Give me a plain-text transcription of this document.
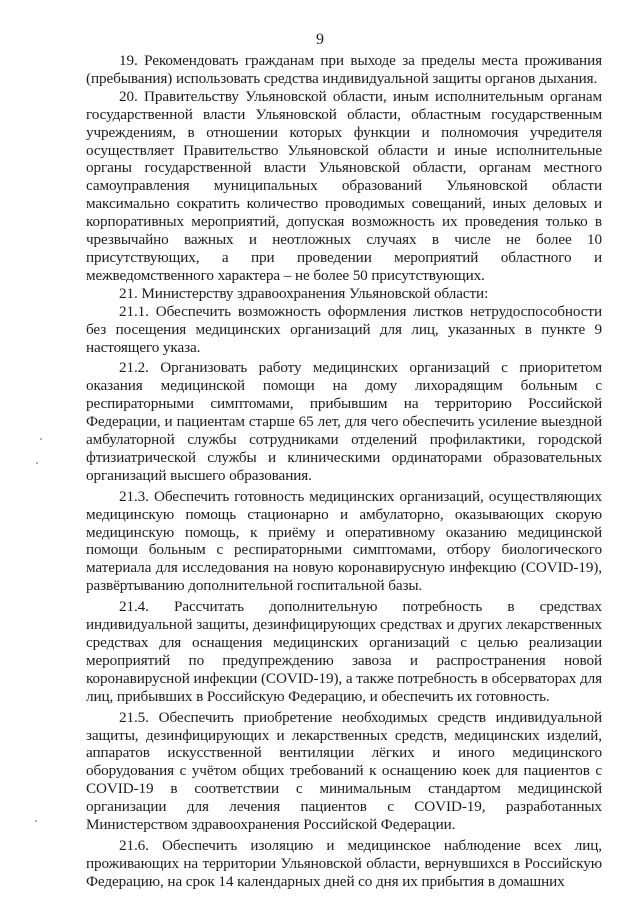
9

19. Рекомендовать гражданам при выходе за пределы места проживания (пребывания) использовать средства индивидуальной защиты органов дыхания.

20. Правительству Ульяновской области, иным исполнительным органам государственной власти Ульяновской области, областным государственным учреждениям, в отношении которых функции и полномочия учредителя осуществляет Правительство Ульяновской области и иные исполнительные органы государственной власти Ульяновской области, органам местного самоуправления муниципальных образований Ульяновской области максимально сократить количество проводимых совещаний, иных деловых и корпоративных мероприятий, допуская возможность их проведения только в чрезвычайно важных и неотложных случаях в числе не более 10 присутствующих, а при проведении мероприятий областного и межведомственного характера – не более 50 присутствующих.

21. Министерству здравоохранения Ульяновской области:

21.1. Обеспечить возможность оформления листков нетрудоспособности без посещения медицинских организаций для лиц, указанных в пункте 9 настоящего указа.

21.2. Организовать работу медицинских организаций с приоритетом оказания медицинской помощи на дому лихорадящим больным с респираторными симптомами, прибывшим на территорию Российской Федерации, и пациентам старше 65 лет, для чего обеспечить усиление выездной амбулаторной службы сотрудниками отделений профилактики, городской фтизиатрической службы и клиническими ординаторами образовательных организаций высшего образования.

21.3. Обеспечить готовность медицинских организаций, осуществляющих медицинскую помощь стационарно и амбулаторно, оказывающих скорую медицинскую помощь, к приёму и оперативному оказанию медицинской помощи больным с респираторными симптомами, отбору биологического материала для исследования на новую коронавирусную инфекцию (COVID-19), развёртыванию дополнительной госпитальной базы.

21.4. Рассчитать дополнительную потребность в средствах индивидуальной защиты, дезинфицирующих средствах и других лекарственных средствах для оснащения медицинских организаций с целью реализации мероприятий по предупреждению завоза и распространения новой коронавирусной инфекции (COVID-19), а также потребность в обсерваторах для лиц, прибывших в Российскую Федерацию, и обеспечить их готовность.

21.5. Обеспечить приобретение необходимых средств индивидуальной защиты, дезинфицирующих и лекарственных средств, медицинских изделий, аппаратов искусственной вентиляции лёгких и иного медицинского оборудования с учётом общих требований к оснащению коек для пациентов с COVID-19 в соответствии с минимальным стандартом медицинской организации для лечения пациентов с COVID-19, разработанных Министерством здравоохранения Российской Федерации.

21.6. Обеспечить изоляцию и медицинское наблюдение всех лиц, проживающих на территории Ульяновской области, вернувшихся в Российскую Федерацию, на срок 14 календарных дней со дня их прибытия в домашних
